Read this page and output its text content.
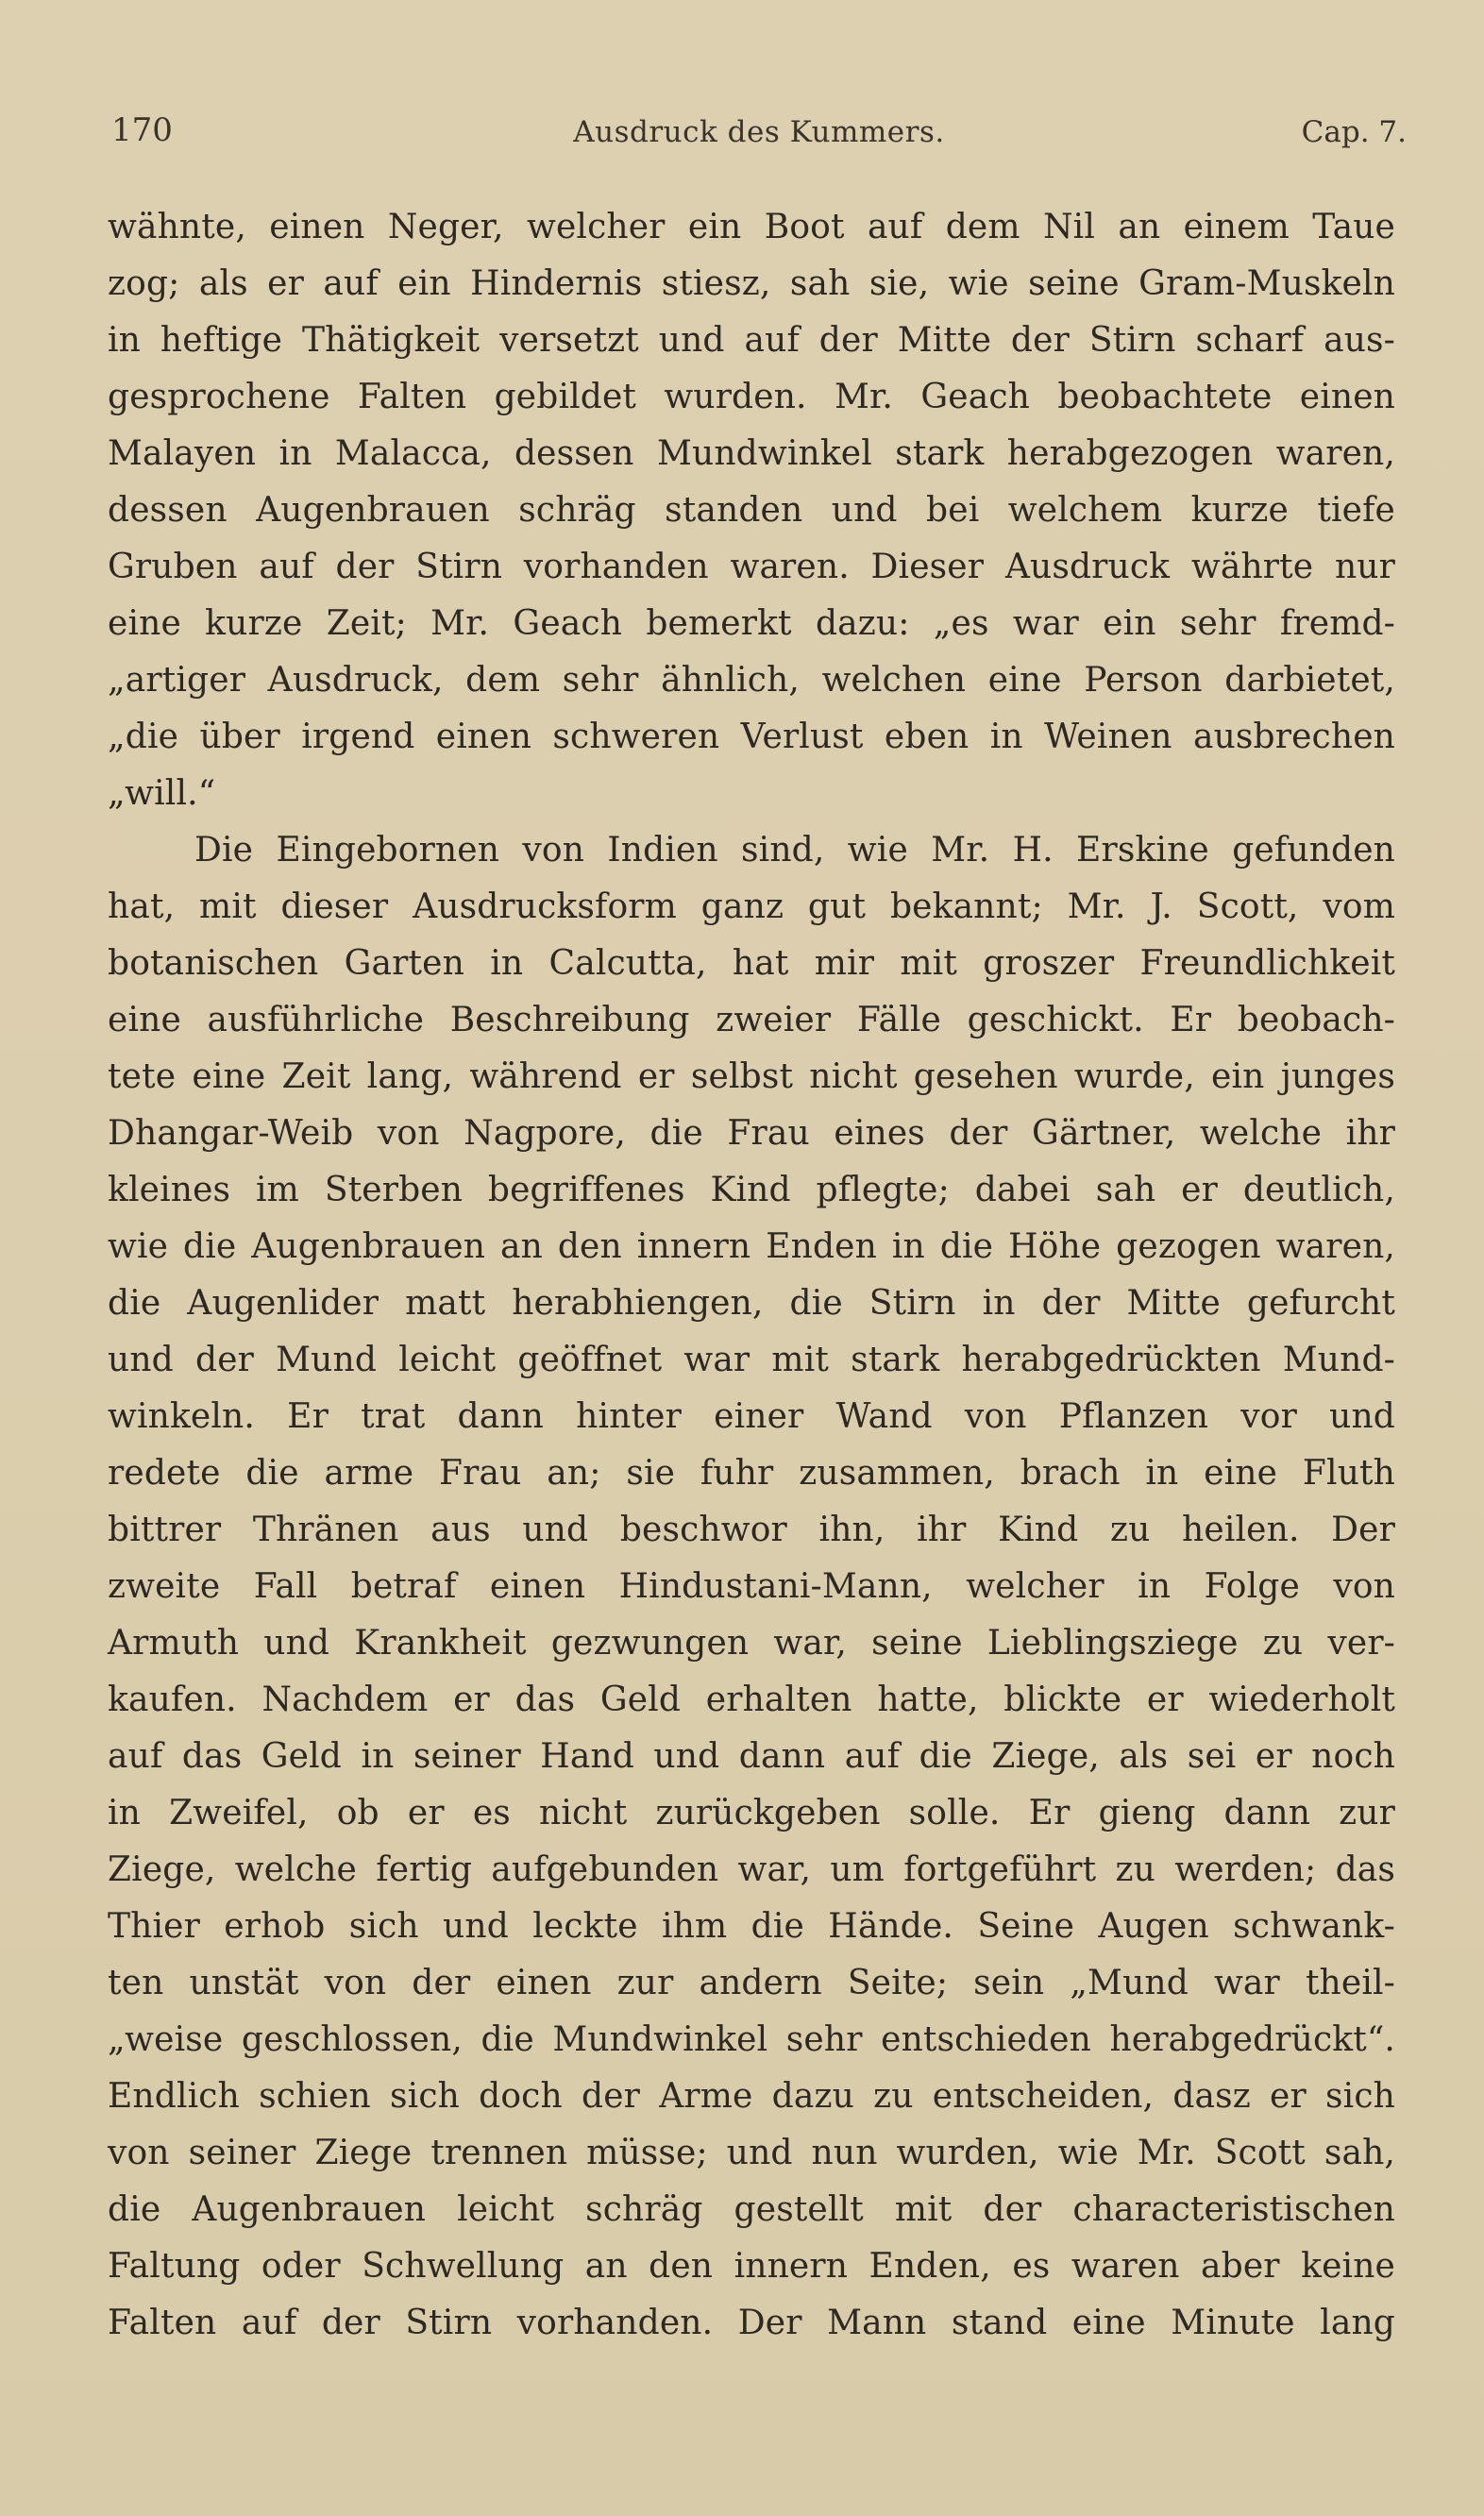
170	Ausdruck des Kummers.	Cap. 7.
wähnte, einen Neger, welcher ein Boot auf dem Nil an einem Taue
zog; als er auf ein Hindernis stiesz, sah sie, wie seine Gram-Muskeln
in heftige Thätigkeit versetzt und auf der Mitte der Stirn scharf aus-
gesprochene Falten gebildet wurden. Mr. Geach beobachtete einen
Malayen in Malacca, dessen Mundwinkel stark herabgezogen waren,
dessen Augenbrauen schräg standen und bei welchem kurze tiefe
Gruben auf der Stirn vorhanden waren. Dieser Ausdruck währte nur
eine kurze Zeit; Mr. Geach bemerkt dazu: „es war ein sehr fremd-
„artiger Ausdruck, dem sehr ähnlich, welchen eine Person darbietet,
„die über irgend einen schweren Verlust eben in Weinen ausbrechen
„will.“
Die Eingebornen von Indien sind, wie Mr. H. Erskine gefunden
hat, mit dieser Ausdrucksform ganz gut bekannt; Mr. J. Scott, vom
botanischen Garten in Calcutta, hat mir mit groszer Freundlichkeit
eine ausführliche Beschreibung zweier Fälle geschickt. Er beobach-
tete eine Zeit lang, während er selbst nicht gesehen wurde, ein junges
Dhangar-Weib von Nagpore, die Frau eines der Gärtner, welche ihr
kleines im Sterben begriffenes Kind pflegte; dabei sah er deutlich,
wie die Augenbrauen an den innern Enden in die Höhe gezogen waren,
die Augenlider matt herabhiengen, die Stirn in der Mitte gefurcht
und der Mund leicht geöffnet war mit stark herabgedrückten Mund-
winkeln. Er trat dann hinter einer Wand von Pflanzen vor und
redete die arme Frau an; sie fuhr zusammen, brach in eine Fluth
bittrer Thränen aus und beschwor ihn, ihr Kind zu heilen. Der
zweite Fall betraf einen Hindustani-Mann, welcher in Folge von
Armuth und Krankheit gezwungen war, seine Lieblingsziege zu ver-
kaufen. Nachdem er das Geld erhalten hatte, blickte er wiederholt
auf das Geld in seiner Hand und dann auf die Ziege, als sei er noch
in Zweifel, ob er es nicht zurückgeben solle. Er gieng dann zur
Ziege, welche fertig aufgebunden war, um fortgeführt zu werden; das
Thier erhob sich und leckte ihm die Hände. Seine Augen schwank-
ten unstät von der einen zur andern Seite; sein „Mund war theil-
„weise geschlossen, die Mundwinkel sehr entschieden herabgedrückt“.
Endlich schien sich doch der Arme dazu zu entscheiden, dasz er sich
von seiner Ziege trennen müsse; und nun wurden, wie Mr. Scott sah,
die Augenbrauen leicht schräg gestellt mit der characteristischen
Faltung oder Schwellung an den innern Enden, es waren aber keine
Falten auf der Stirn vorhanden. Der Mann stand eine Minute lang
